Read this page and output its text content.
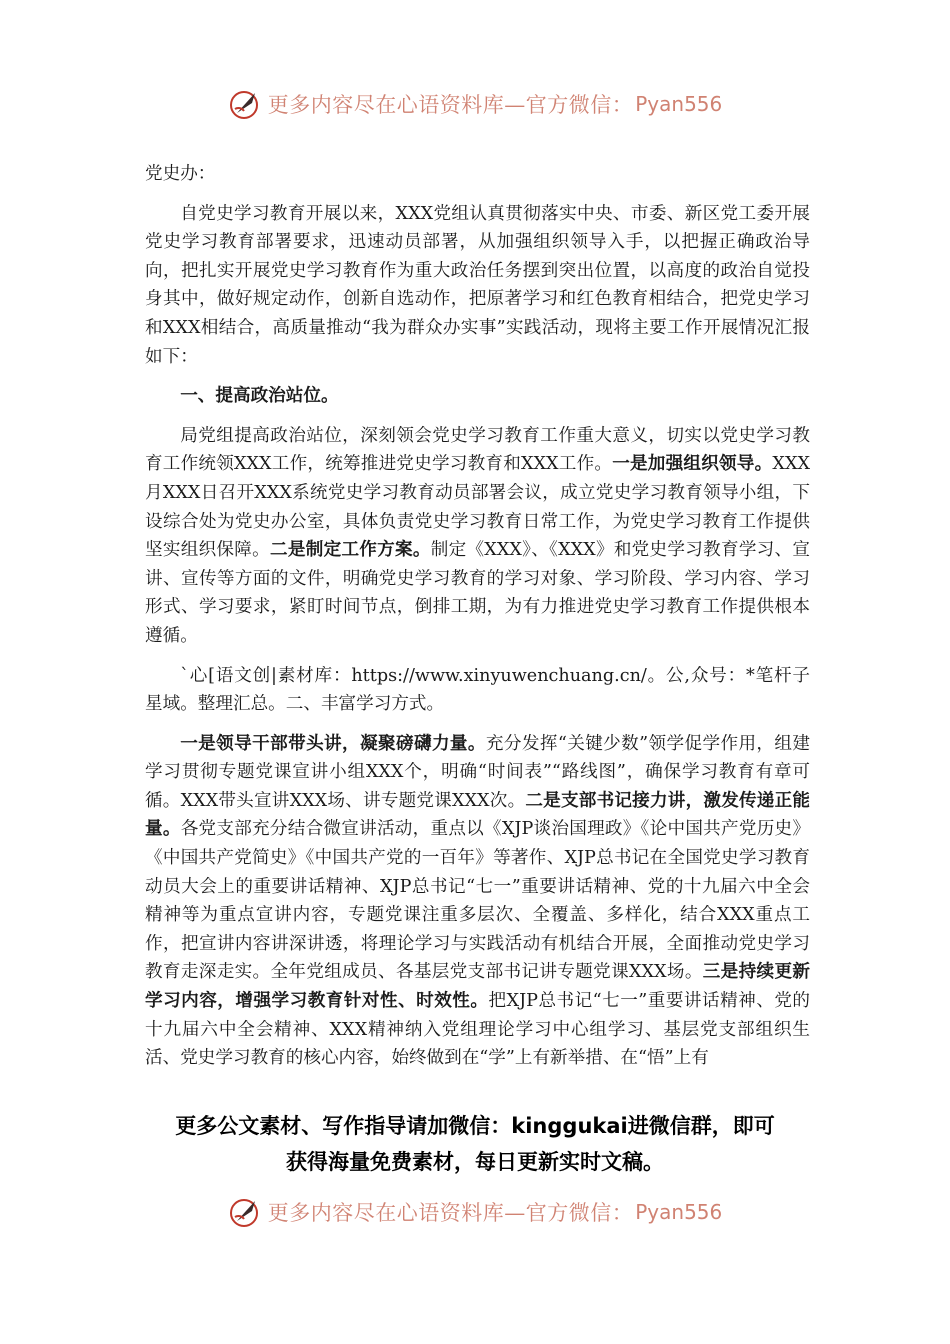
更多内容尽在心语资料库—官方微信： Pyan556

党史办：

自党史学习教育开展以来，XXX党组认真贯彻落实中央、市委、新区党工委开展党史学习教育部署要求，迅速动员部署，从加强组织领导入手，以把握正确政治导向，把扎实开展党史学习教育作为重大政治任务摆到突出位置，以高度的政治自觉投身其中，做好规定动作，创新自选动作，把原著学习和红色教育相结合，把党史学习和XXX相结合，高质量推动“我为群众办实事”实践活动，现将主要工作开展情况汇报如下：

一、提高政治站位。

局党组提高政治站位，深刻领会党史学习教育工作重大意义，切实以党史学习教育工作统领XXX工作，统筹推进党史学习教育和XXX工作。一是加强组织领导。XXX月XXX日召开XXX系统党史学习教育动员部署会议，成立党史学习教育领导小组，下设综合处为党史办公室，具体负责党史学习教育日常工作，为党史学习教育工作提供坚实组织保障。二是制定工作方案。制定《XXX》、《XXX》和党史学习教育学习、宣讲、宣传等方面的文件，明确党史学习教育的学习对象、学习阶段、学习内容、学习形式、学习要求，紧盯时间节点，倒排工期，为有力推进党史学习教育工作提供根本遵循。

`心[语文创|素材库：https://www.xinyuwenchuang.cn/。公,众号：*笔杆子星域。整理汇总。二、丰富学习方式。

一是领导干部带头讲，凝聚磅礴力量。充分发挥“关键少数”领学促学作用，组建学习贯彻专题党课宣讲小组XXX个，明确“时间表”“路线图”，确保学习教育有章可循。XXX带头宣讲XXX场、讲专题党课XXX次。二是支部书记接力讲，激发传递正能量。各党支部充分结合微宣讲活动，重点以《XJP谈治国理政》《论中国共产党历史》《中国共产党简史》《中国共产党的一百年》等著作、XJP总书记在全国党史学习教育动员大会上的重要讲话精神、XJP总书记“七一”重要讲话精神、党的十九届六中全会精神等为重点宣讲内容，专题党课注重多层次、全覆盖、多样化，结合XXX重点工作，把宣讲内容讲深讲透，将理论学习与实践活动有机结合开展，全面推动党史学习教育走深走实。全年党组成员、各基层党支部书记讲专题党课XXX场。三是持续更新学习内容，增强学习教育针对性、时效性。把XJP总书记“七一”重要讲话精神、党的十九届六中全会精神、XXX精神纳入党组理论学习中心组学习、基层党支部组织生活、党史学习教育的核心内容，始终做到在“学”上有新举措、在“悟”上有

更多公文素材、写作指导请加微信：kinggukai进微信群，即可
获得海量免费素材，每日更新实时文稿。
更多内容尽在心语资料库—官方微信： Pyan556
